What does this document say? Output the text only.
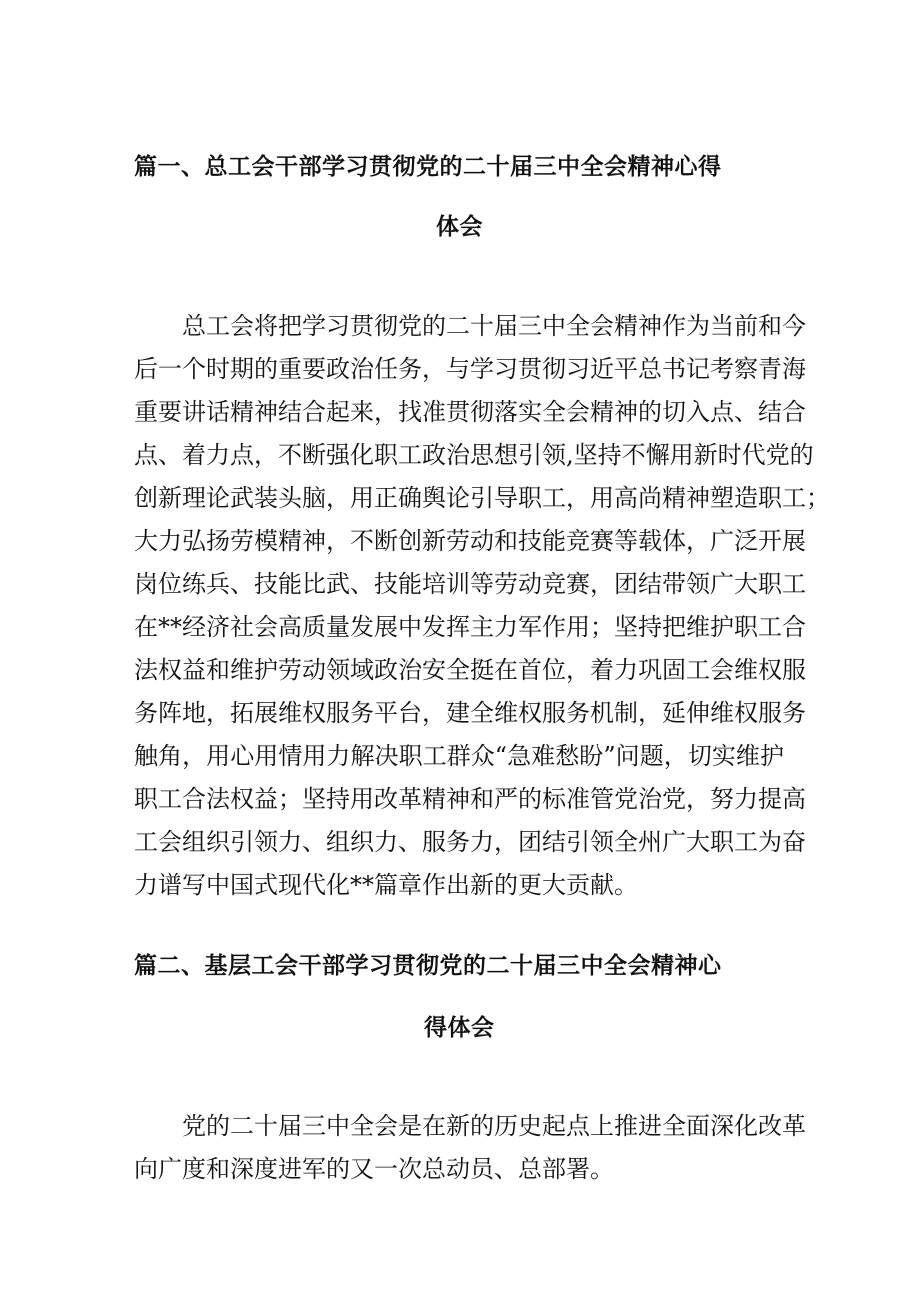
篇一、总工会干部学习贯彻党的二十届三中全会精神心得
体会
总工会将把学习贯彻党的二十届三中全会精神作为当前和今
后一个时期的重要政治任务，与学习贯彻习近平总书记考察青海
重要讲话精神结合起来，找准贯彻落实全会精神的切入点、结合
点、着力点，不断强化职工政治思想引领,坚持不懈用新时代党的
创新理论武装头脑，用正确舆论引导职工，用高尚精神塑造职工；
大力弘扬劳模精神，不断创新劳动和技能竞赛等载体，广泛开展
岗位练兵、技能比武、技能培训等劳动竞赛，团结带领广大职工
在**经济社会高质量发展中发挥主力军作用；坚持把维护职工合
法权益和维护劳动领域政治安全挺在首位，着力巩固工会维权服
务阵地，拓展维权服务平台，建全维权服务机制，延伸维权服务
触角，用心用情用力解决职工群众“急难愁盼”问题，切实维护
职工合法权益；坚持用改革精神和严的标准管党治党，努力提高
工会组织引领力、组织力、服务力，团结引领全州广大职工为奋
力谱写中国式现代化**篇章作出新的更大贡献。
篇二、基层工会干部学习贯彻党的二十届三中全会精神心
得体会
党的二十届三中全会是在新的历史起点上推进全面深化改革
向广度和深度进军的又一次总动员、总部署。
